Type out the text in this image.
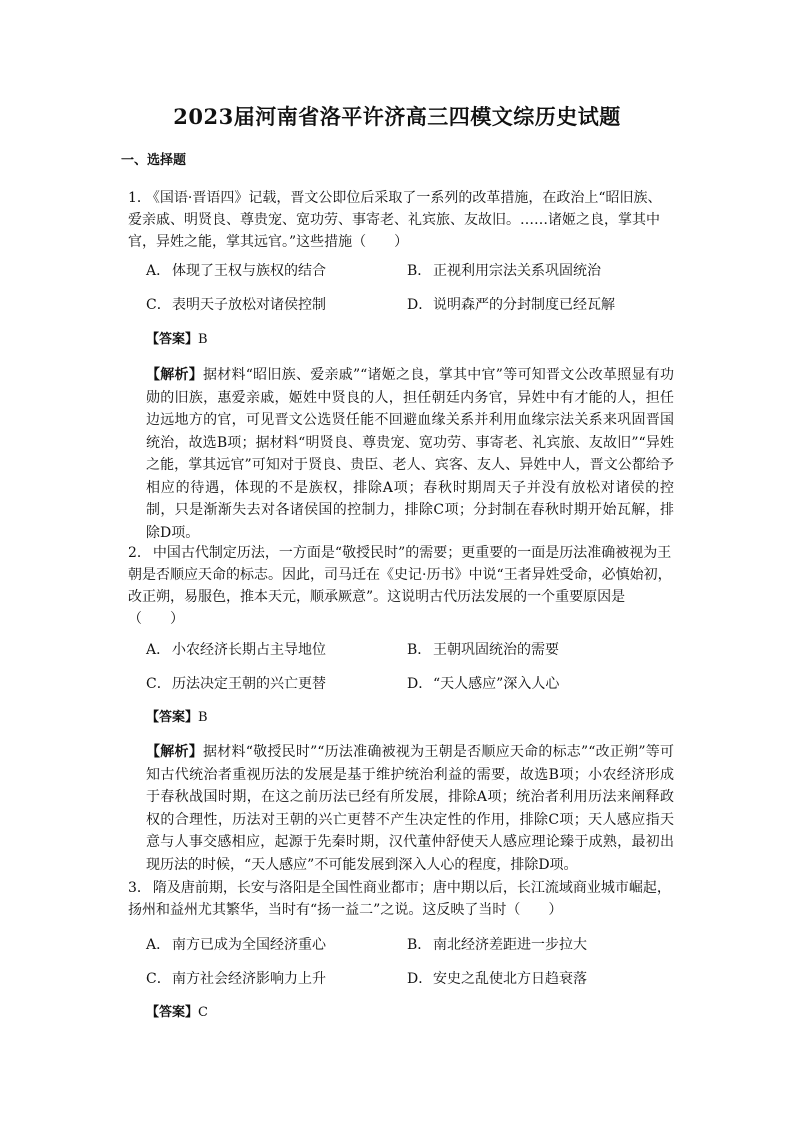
2023届河南省洛平许济高三四模文综历史试题
一、选择题
1． 《国语·晋语四》记载，晋文公即位后采取了一系列的改革措施，在政治上“昭旧族、爱亲戚、明贤良、尊贵宠、宽功劳、事寄老、礼宾旅、友故旧。……诸姬之良，掌其中官，异姓之能，掌其远官。”这些措施（　　）
A． 体现了王权与族权的结合	B． 正视利用宗法关系巩固统治
C．表明天子放松对诸侯控制	D．说明森严的分封制度已经瓦解
【答案】B
【解析】据材料“昭旧族、爱亲戚”“诸姬之良，掌其中官”等可知晋文公改革照显有功勋的旧族，惠爱亲戚，姬姓中贤良的人，担任朝廷内务官，异姓中有才能的人，担任边远地方的官，可见晋文公选贤任能不回避血缘关系并利用血缘宗法关系来巩固晋国统治，故选B项；据材料“明贤良、尊贵宠、宽功劳、事寄老、礼宾旅、友故旧”“异姓之能，掌其远官”可知对于贤良、贵臣、老人、宾客、友人、异姓中人，晋文公都给予相应的待遇，体现的不是族权，排除A项；春秋时期周天子并没有放松对诸侯的控制，只是渐渐失去对各诸侯国的控制力，排除C项；分封制在春秋时期开始瓦解，排除D项。
2． 中国古代制定历法，一方面是“敬授民时”的需要；更重要的一面是历法准确被视为王朝是否顺应天命的标志。因此，司马迁在《史记·历书》中说“王者异姓受命，必慎始初，改正朔，易服色，推本天元，顺承厥意”。这说明古代历法发展的一个重要原因是（　　）
A． 小农经济长期占主导地位	B． 王朝巩固统治的需要
C．历法决定王朝的兴亡更替	D．“天人感应”深入人心
【答案】B
【解析】据材料“敬授民时”“历法准确被视为王朝是否顺应天命的标志”“改正朔”等可知古代统治者重视历法的发展是基于维护统治利益的需要，故选B项；小农经济形成于春秋战国时期，在这之前历法已经有所发展，排除A项；统治者利用历法来阐释政权的合理性，历法对王朝的兴亡更替不产生决定性的作用，排除C项；天人感应指天意与人事交感相应，起源于先秦时期，汉代董仲舒使天人感应理论臻于成熟，最初出现历法的时候，“天人感应”不可能发展到深入人心的程度，排除D项。
3． 隋及唐前期，长安与洛阳是全国性商业都市；唐中期以后，长江流域商业城市崛起，扬州和益州尤其繁华，当时有“扬一益二”之说。这反映了当时（　　）
A． 南方已成为全国经济重心	B． 南北经济差距进一步拉大
C．南方社会经济影响力上升	D．安史之乱使北方日趋衰落
【答案】C
